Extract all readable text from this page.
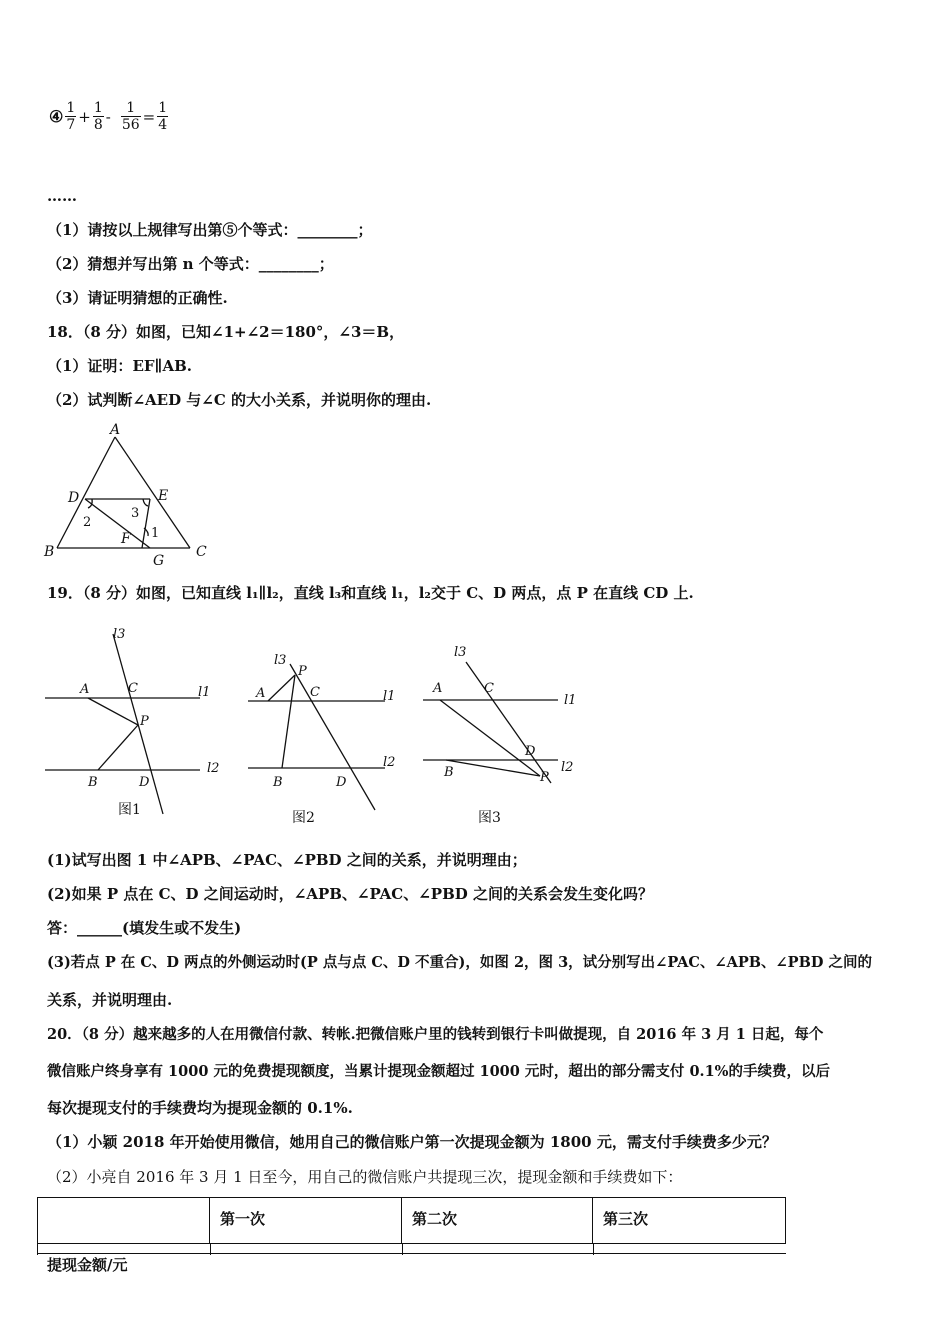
④ $\frac{1}{7} + \frac{1}{8} - \frac{1}{56} = \frac{1}{4}$
……
（1）请按以上规律写出第⑤个等式：________；
（2）猜想并写出第 n 个等式：________；
（3）请证明猜想的正确性.
18．（8 分）如图，已知∠1+∠2＝180°，∠3＝B，
（1）证明：EF∥AB.
（2）试判断∠AED 与∠C 的大小关系，并说明你的理由.
A
D	E
B	C
F
G
2
3
1
19．（8 分）如图，已知直线 l₁∥l₂，直线 l₃和直线 l₁，l₂交于 C、D 两点，点 P 在直线 CD 上.
l3
A	C	l1
P
l2
B	D
图1
l3
P
A	C	l1
l2
B	D
图2
l3
A	C
l1
D
l2
B	P
图3
(1)试写出图 1 中∠APB、∠PAC、∠PBD 之间的关系，并说明理由；
(2)如果 P 点在 C、D 之间运动时，∠APB、∠PAC、∠PBD 之间的关系会发生变化吗？
答：______(填发生或不发生)
(3)若点 P 在 C、D 两点的外侧运动时(P 点与点 C、D 不重合)，如图 2，图 3，试分别写出∠PAC、∠APB、∠PBD 之间的
关系，并说明理由.
20．（8 分）越来越多的人在用微信付款、转帐.把微信账户里的钱转到银行卡叫做提现，自 2016 年 3 月 1 日起，每个
微信账户终身享有 1000 元的免费提现额度，当累计提现金额超过 1000 元时，超出的部分需支付 0.1%的手续费，以后
每次提现支付的手续费均为提现金额的 0.1%.
（1）小颖 2018 年开始使用微信，她用自己的微信账户第一次提现金额为 1800 元，需支付手续费多少元？
（2）小亮自 2016 年 3 月 1 日至今，用自己的微信账户共提现三次，提现金额和手续费如下：
	第一次	第二次	第三次
提现金额/元
